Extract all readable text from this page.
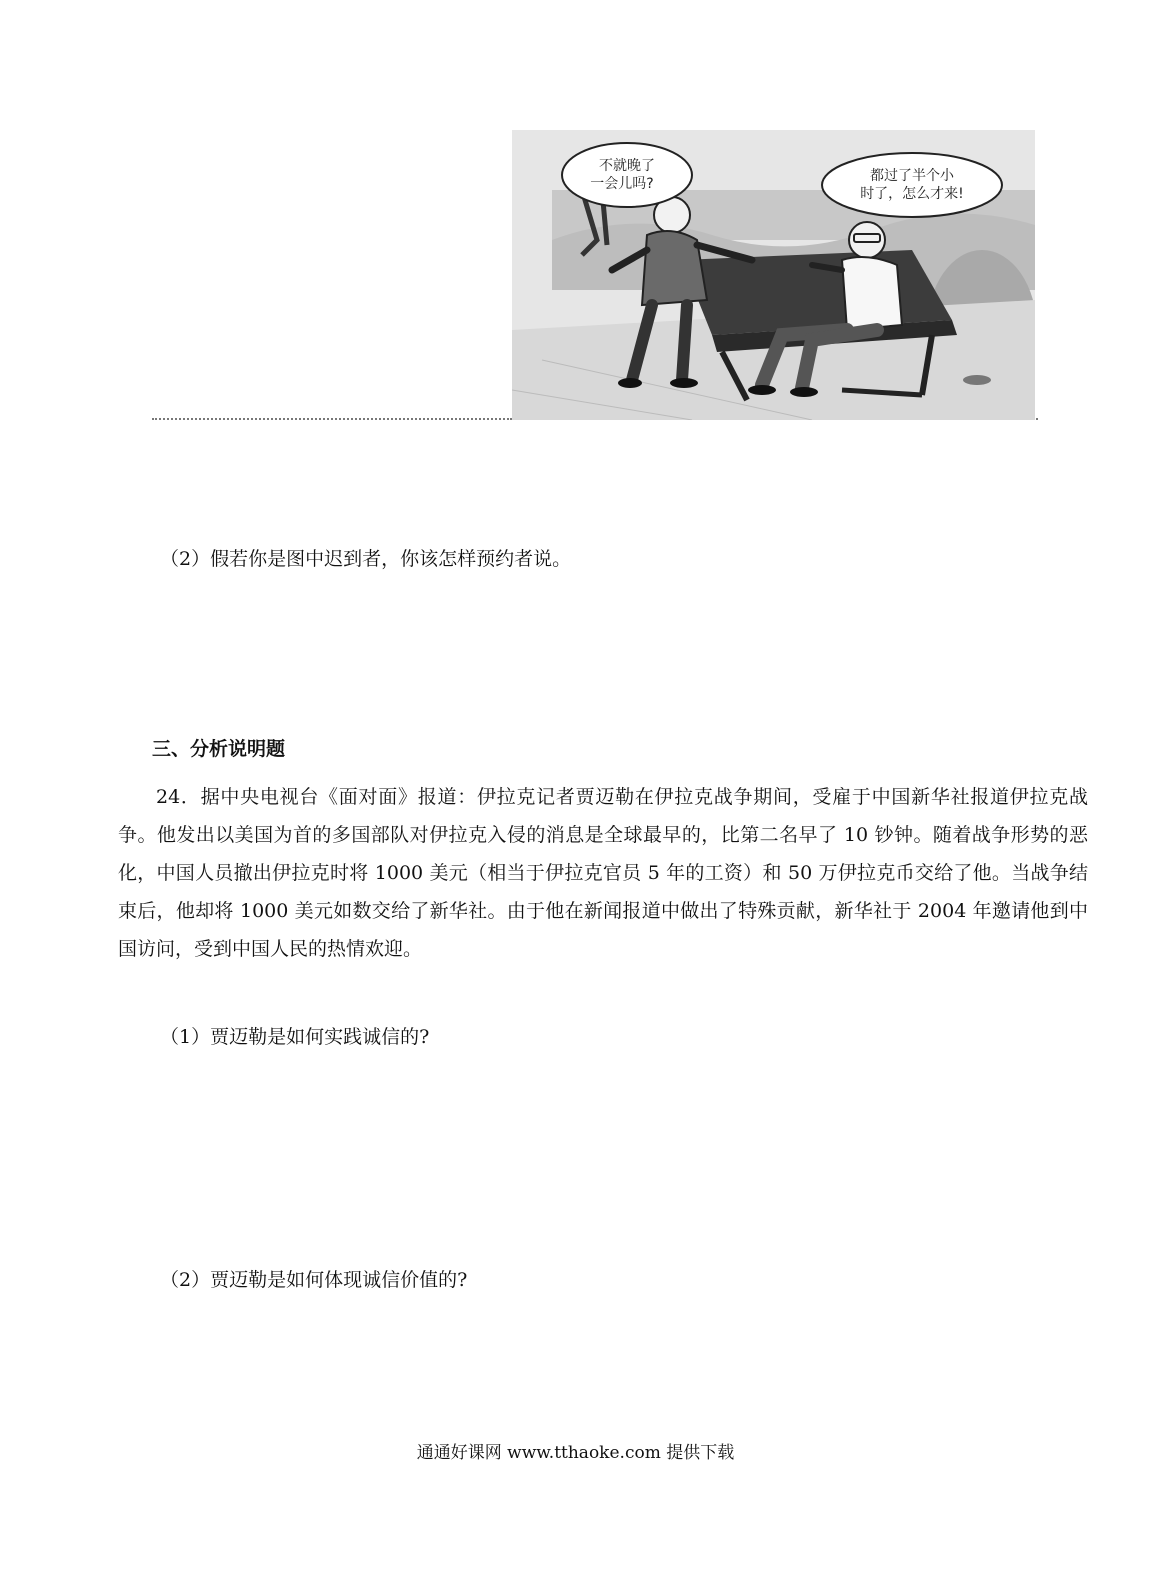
不就晚了
一会儿吗?	都过了半个小
时了，怎么才来!
（2）假若你是图中迟到者，你该怎样预约者说。
三、分析说明题
24．据中央电视台《面对面》报道：伊拉克记者贾迈勒在伊拉克战争期间，受雇于中国新华社报道伊拉克战争。他发出以美国为首的多国部队对伊拉克入侵的消息是全球最早的，比第二名早了 10 钞钟。随着战争形势的恶化，中国人员撤出伊拉克时将 1000 美元（相当于伊拉克官员 5 年的工资）和 50 万伊拉克币交给了他。当战争结束后，他却将 1000 美元如数交给了新华社。由于他在新闻报道中做出了特殊贡献，新华社于 2004 年邀请他到中国访问，受到中国人民的热情欢迎。
（1）贾迈勒是如何实践诚信的?
（2）贾迈勒是如何体现诚信价值的?
通通好课网 www.tthaoke.com 提供下载
